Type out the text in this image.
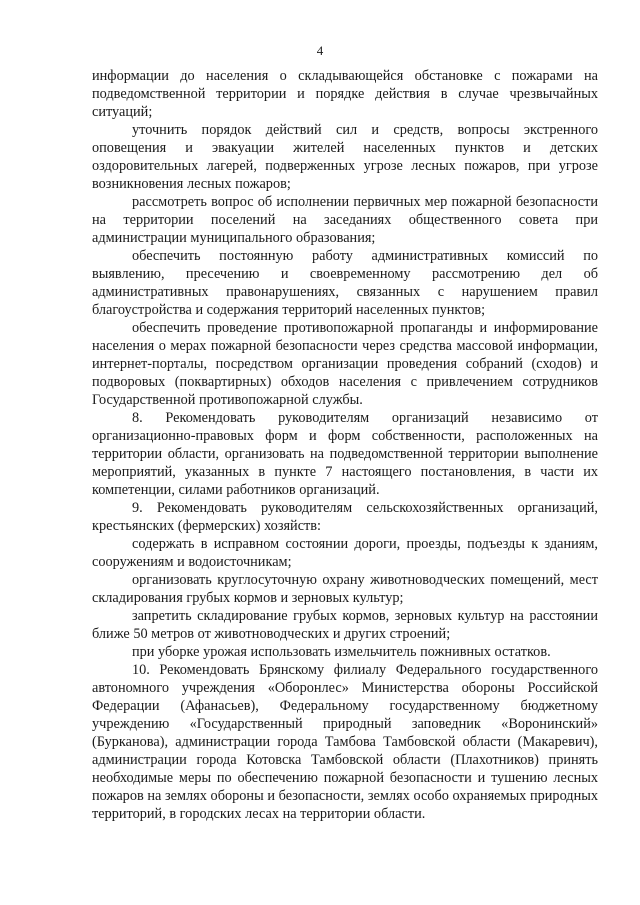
4

информации до населения о складывающейся обстановке с пожарами на подведомственной территории и порядке действия в случае чрезвычайных ситуаций;

уточнить порядок действий сил и средств, вопросы экстренного оповещения и эвакуации жителей населенных пунктов и детских оздоровительных лагерей, подверженных угрозе лесных пожаров, при угрозе возникновения лесных пожаров;

рассмотреть вопрос об исполнении первичных мер пожарной безопасности на территории поселений на заседаниях общественного совета при администрации муниципального образования;

обеспечить постоянную работу административных комиссий по выявлению, пресечению и своевременному рассмотрению дел об административных правонарушениях, связанных с нарушением правил благоустройства и содержания территорий населенных пунктов;

обеспечить проведение противопожарной пропаганды и информирование населения о мерах пожарной безопасности через средства массовой информации, интернет-порталы, посредством организации проведения собраний (сходов) и подворовых (поквартирных) обходов населения с привлечением сотрудников Государственной противопожарной службы.

8. Рекомендовать руководителям организаций независимо от организационно-правовых форм и форм собственности, расположенных на территории области, организовать на подведомственной территории выполнение мероприятий, указанных в пункте 7 настоящего постановления, в части их компетенции, силами работников организаций.

9. Рекомендовать руководителям сельскохозяйственных организаций, крестьянских (фермерских) хозяйств:

содержать в исправном состоянии дороги, проезды, подъезды к зданиям, сооружениям и водоисточникам;

организовать круглосуточную охрану животноводческих помещений, мест складирования грубых кормов и зерновых культур;

запретить складирование грубых кормов, зерновых культур на расстоянии ближе 50 метров от животноводческих и других строений;

при уборке урожая использовать измельчитель пожнивных остатков.

10. Рекомендовать Брянскому филиалу Федерального государственного автономного учреждения «Оборонлес» Министерства обороны Российской Федерации (Афанасьев), Федеральному государственному бюджетному учреждению «Государственный природный заповедник «Воронинский» (Бурканова), администрации города Тамбова Тамбовской области (Макаревич), администрации города Котовска Тамбовской области (Плахотников) принять необходимые меры по обеспечению пожарной безопасности и тушению лесных пожаров на землях обороны и безопасности, землях особо охраняемых природных территорий, в городских лесах на территории области.
